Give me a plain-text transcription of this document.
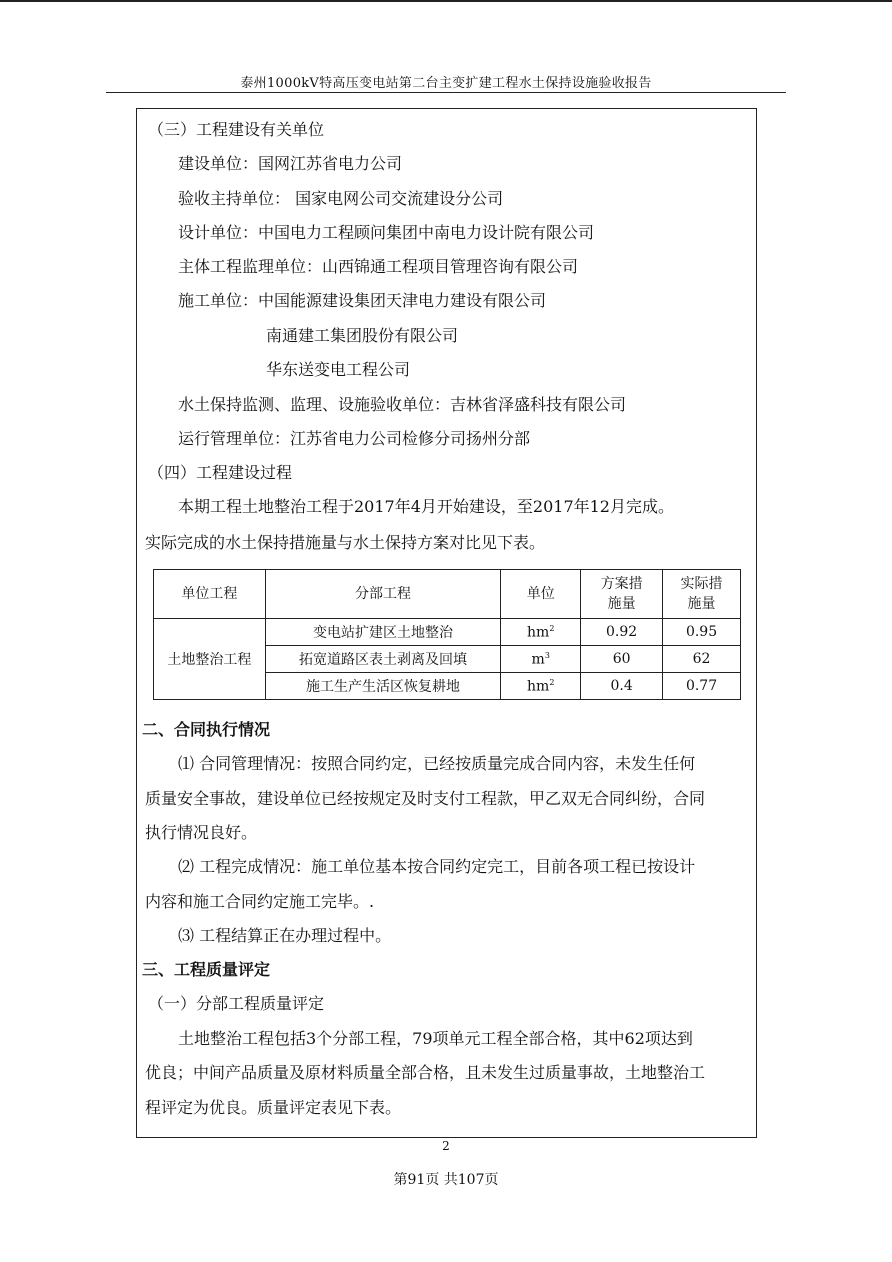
泰州1000kV特高压变电站第二台主变扩建工程水土保持设施验收报告
（三）工程建设有关单位
建设单位：国网江苏省电力公司
验收主持单位： 国家电网公司交流建设分公司
设计单位：中国电力工程顾问集团中南电力设计院有限公司
主体工程监理单位：山西锦通工程项目管理咨询有限公司
施工单位：中国能源建设集团天津电力建设有限公司
南通建工集团股份有限公司
华东送变电工程公司
水土保持监测、监理、设施验收单位：吉林省泽盛科技有限公司
运行管理单位：江苏省电力公司检修分司扬州分部
（四）工程建设过程
本期工程土地整治工程于2017年4月开始建设，至2017年12月完成。
实际完成的水土保持措施量与水土保持方案对比见下表。
单位工程	分部工程	单位	方案措施量	实际措施量
土地整治工程	变电站扩建区土地整治	$hm^2$	0.92	0.95
	拓宽道路区表土剥离及回填	$m^3$	60	62
	施工生产生活区恢复耕地	$hm^2$	0.4	0.77
二、合同执行情况
⑴ 合同管理情况：按照合同约定，已经按质量完成合同内容，未发生任何
质量安全事故，建设单位已经按规定及时支付工程款，甲乙双无合同纠纷，合同
执行情况良好。
⑵ 工程完成情况：施工单位基本按合同约定完工，目前各项工程已按设计
内容和施工合同约定施工完毕。.
⑶ 工程结算正在办理过程中。
三、工程质量评定
（一）分部工程质量评定
土地整治工程包括3个分部工程，79项单元工程全部合格，其中62项达到
优良；中间产品质量及原材料质量全部合格，且未发生过质量事故，土地整治工
程评定为优良。质量评定表见下表。
2
第91页 共107页
